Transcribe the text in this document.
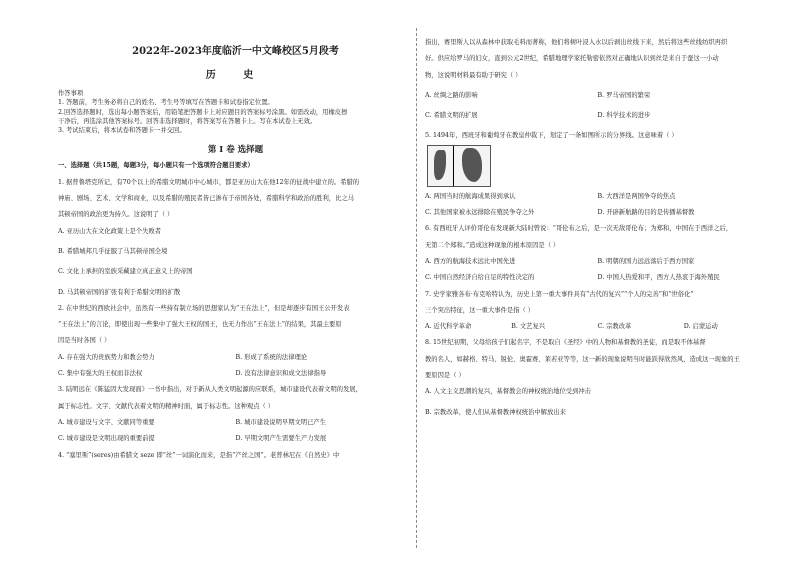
2022年-2023年度临沂一中文峰校区5月段考
历 史
作答事项
1. 答题前，考生务必将自己的姓名、考生号等填写在答题卡和试卷指定位置。
2.回答选择题时，选出每小题答案后，用铅笔把答题卡上对应题目的答案标号涂黑。如需改动，用橡皮擦
干净后，再选涂其他答案标号。回答非选择题时，将答案写在答题卡上。写在本试卷上无效。
3. 考试结束后，将本试卷和答题卡一并交回。
第 I 卷 选择题
一、选择题（共15题，每题3分，每小题只有一个选项符合题目要求）
1. 据普鲁塔克所记，有70个以上的希腊文明城市中心城市，都是亚历山大在他12年的征战中建立的。希腊的
神庙、剧场、艺术、文学和商业，以及希腊的殖民者皆已渗布于帝国各处，希腊科学和政治的胜利，比之马
其顿帝国的政治更为持久。这说明了（ ）
A. 亚历山大在文化政策上是个失败者
B. 希腊城邦几乎征服了马其顿帝国全境
C. 文化上承担的室族采藏建立真正意义上的帝国
D. 马其顿帝国的扩张有利于希腊文明的扩散
2. 在中世纪的西欧社会中，虽然有一些持有制立场的思想家认为“王在法上”，但是却逐步有国王公开发表
“王在法上”的言论，即使出现一些集中了强大王权的国王，也无力作出“王在法上”的结果，其最主要原
因是当时各国（ ）
A. 存在强大的贵族势力和教会势力	B. 形成了系统的法律理论
C. 集中有强大的王权而非法权	D. 没有法律意识和成文法律指导
3. 陆明远在《陈猛因大发现面》一书中指出，对于新从人类文明起源的应联系，城市建设代表着文明的发展，
属于标志性。文字、文献代表着文明的精神时面，属于标志性。这种观点（ ）
A. 城市建设与文字、文献同等重要	B. 城市建设说明早期文明已产生
C. 城市建设是文明出现的重要前提	D. 早期文明产生需要生产力发展
4. “塞里斯”(seres)由希腊文 seze 即“丝”一词演化而来，是指“产丝之国”。老普林尼在《自然史》中
指出，赛里斯人以从森林中获取毛料而著称，他们将树叶浸入水以后剥出丝线下来，然后将这些丝线纺织再织
好。供应给罗马的妇女，直到公元2世纪，希腊地理学家托勒密依然对正确地认识到丝是来自于蚕这一小动
物，这说明材料最有助于研究（ ）
A. 丝绸之路的影响	B. 罗马帝国的繁荣
C. 希腊文明的扩展	D. 科学技术的进步
5. 1494年，西班牙和葡萄牙在教皇仲裁下，划定了一条如图所示的分界线。这意味着（ ）
A. 两国当时的航海成果得到承认	B. 大西洋是两国争夺的焦点
C. 其他国家被永远排除在殖民争夺之外	D. 开辟新航路的目的是传播基督教
6. 有西班牙人评价哥伦布发现新大陆时曾说：“哥伦布之后，是一次无敌哥伦布；为郑和，中国在于西洋之后，
无第二个郑和。”造成这种现象的根本原因是（ ）
A. 西方的航海技术远比中国先进	B. 明朝的国力远远落后于西方国家
C. 中国自然经济自给自足的特性决定的	D. 中国人热爱和平，西方人热衷于海外殖民
7. 史学家雅各布·布克哈特认为，历史上第一重大事件具有“古代的复兴”“个人的完善”和“世俗化”
三个突出特征，这一重大事件是指（ ）
A. 近代科学革命	B. 文艺复兴	C. 宗教改革	D. 启蒙运动
8. 15世纪初期，父母给孩子们起名字，不是取自《圣经》中的人物和基督教的圣徒，而是取不体基督
教的名人，如赫格、特马、锐伦、奥霍赛、莱若亚等等，这一新的现象说明当时能跃得欣然风，造成这一现象的王
要原因是（ ）
A. 人文主义思潮的复兴，基督教会的神权统治地位受到冲击
B. 宗教改革，使人们从基督教神权统治中解放出来
